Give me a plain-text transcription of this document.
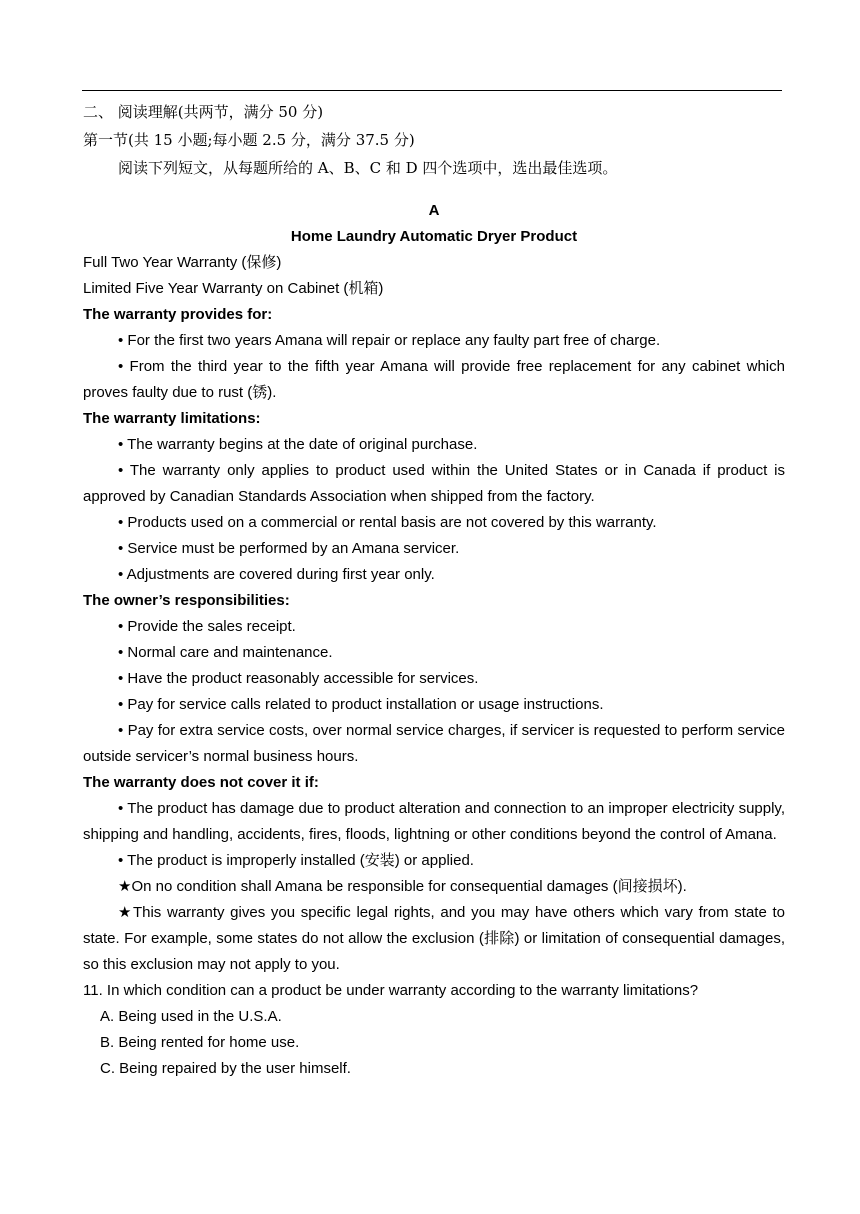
二、 阅读理解(共两节，满分 50 分)

第一节(共 15 小题;每小题 2.5 分，满分 37.5 分)

阅读下列短文，从每题所给的 A、B、C 和 D 四个选项中，选出最佳选项。

A

Home Laundry Automatic Dryer Product

Full Two Year Warranty (保修)

Limited Five Year Warranty on Cabinet (机箱)

The warranty provides for:

• For the first two years Amana will repair or replace any faulty part free of charge.

• From the third year to the fifth year Amana will provide free replacement for any cabinet which proves faulty due to rust (锈).

The warranty limitations:

• The warranty begins at the date of original purchase.

• The warranty only applies to product used within the United States or in Canada if product is approved by Canadian Standards Association when shipped from the factory.

• Products used on a commercial or rental basis are not covered by this warranty.

• Service must be performed by an Amana servicer.

• Adjustments are covered during first year only.

The owner’s responsibilities:

• Provide the sales receipt.

• Normal care and maintenance.

• Have the product reasonably accessible for services.

• Pay for service calls related to product installation or usage instructions.

• Pay for extra service costs, over normal service charges, if servicer is requested to perform service outside servicer’s normal business hours.

The warranty does not cover it if:

• The product has damage due to product alteration and connection to an improper electricity supply, shipping and handling, accidents, fires, floods, lightning or other conditions beyond the control of Amana.

• The product is improperly installed (安装) or applied.

★On no condition shall Amana be responsible for consequential damages (间接损坏).

★This warranty gives you specific legal rights, and you may have others which vary from state to state. For example, some states do not allow the exclusion (排除) or limitation of consequential damages, so this exclusion may not apply to you.

11. In which condition can a product be under warranty according to the warranty limitations?

A. Being used in the U.S.A.

B. Being rented for home use.

C. Being repaired by the user himself.
